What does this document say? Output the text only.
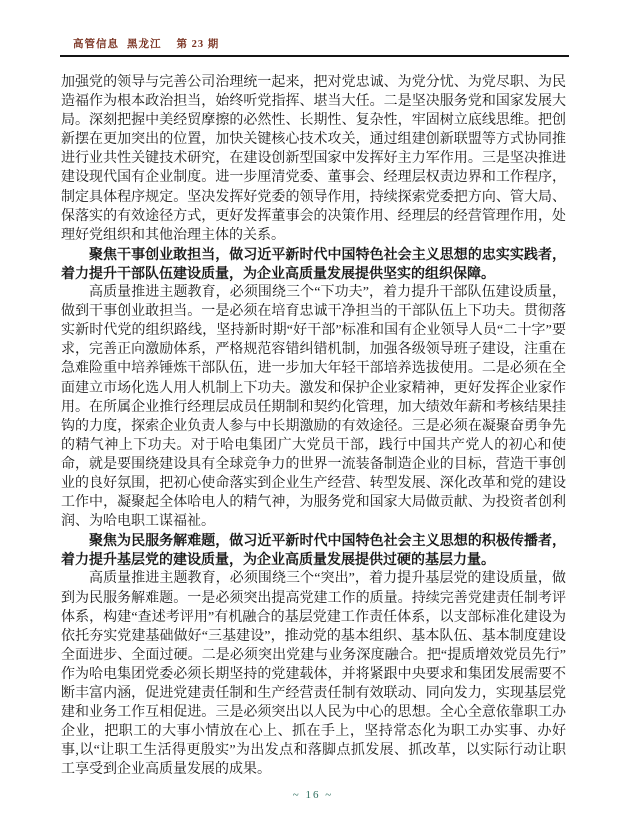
高管信息 黑龙江 第 23 期

加强党的领导与完善公司治理统一起来，把对党忠诚、为党分忧、为党尽职、为民造福作为根本政治担当，始终听党指挥、堪当大任。二是坚决服务党和国家发展大局。深刻把握中美经贸摩擦的必然性、长期性、复杂性，牢固树立底线思维。把创新摆在更加突出的位置，加快关键核心技术攻关，通过组建创新联盟等方式协同推进行业共性关键技术研究，在建设创新型国家中发挥好主力军作用。三是坚决推进建设现代国有企业制度。进一步厘清党委、董事会、经理层权责边界和工作程序，制定具体程序规定。坚决发挥好党委的领导作用，持续探索党委把方向、管大局、保落实的有效途径方式，更好发挥董事会的决策作用、经理层的经营管理作用，处理好党组织和其他治理主体的关系。

聚焦干事创业敢担当，做习近平新时代中国特色社会主义思想的忠实实践者，着力提升干部队伍建设质量，为企业高质量发展提供坚实的组织保障。

高质量推进主题教育，必须围绕三个“下功夫”，着力提升干部队伍建设质量，做到干事创业敢担当。一是必须在培育忠诚干净担当的干部队伍上下功夫。贯彻落实新时代党的组织路线，坚持新时期“好干部”标准和国有企业领导人员“二十字”要求，完善正向激励体系，严格规范容错纠错机制，加强各级领导班子建设，注重在急难险重中培养锤炼干部队伍，进一步加大年轻干部培养选拔使用。二是必须在全面建立市场化选人用人机制上下功夫。激发和保护企业家精神，更好发挥企业家作用。在所属企业推行经理层成员任期制和契约化管理，加大绩效年薪和考核结果挂钩的力度，探索企业负责人参与中长期激励的有效途径。三是必须在凝聚奋勇争先的精气神上下功夫。对于哈电集团广大党员干部，践行中国共产党人的初心和使命，就是要围绕建设具有全球竞争力的世界一流装备制造企业的目标，营造干事创业的良好氛围，把初心使命落实到企业生产经营、转型发展、深化改革和党的建设工作中，凝聚起全体哈电人的精气神，为服务党和国家大局做贡献、为投资者创利润、为哈电职工谋福祉。

聚焦为民服务解难题，做习近平新时代中国特色社会主义思想的积极传播者，着力提升基层党的建设质量，为企业高质量发展提供过硬的基层力量。

高质量推进主题教育，必须围绕三个“突出”，着力提升基层党的建设质量，做到为民服务解难题。一是必须突出提高党建工作的质量。持续完善党建责任制考评体系，构建“查述考评用”有机融合的基层党建工作责任体系，以支部标准化建设为依托夯实党建基础做好“三基建设”，推动党的基本组织、基本队伍、基本制度建设全面进步、全面过硬。二是必须突出党建与业务深度融合。把“提质增效党员先行”作为哈电集团党委必须长期坚持的党建载体，并将紧跟中央要求和集团发展需要不断丰富内涵，促进党建责任制和生产经营责任制有效联动、同向发力，实现基层党建和业务工作互相促进。三是必须突出以人民为中心的思想。全心全意依靠职工办企业，把职工的大事小情放在心上、抓在手上，坚持常态化为职工办实事、办好事,以“让职工生活得更殷实”为出发点和落脚点抓发展、抓改革，以实际行动让职工享受到企业高质量发展的成果。

~ 16 ~
